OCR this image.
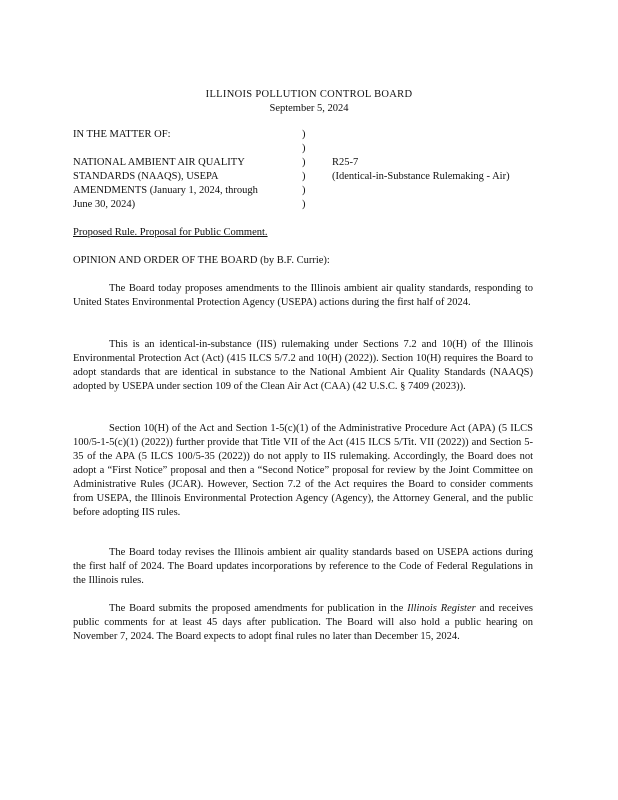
ILLINOIS POLLUTION CONTROL BOARD
September 5, 2024
IN THE MATTER OF:	)
)
)
)
)
)
NATIONAL AMBIENT AIR QUALITY
STANDARDS (NAAQS), USEPA
AMENDMENTS (January 1, 2024, through
June 30, 2024)
R25-7
(Identical-in-Substance Rulemaking - Air)
Proposed Rule. Proposal for Public Comment.
OPINION AND ORDER OF THE BOARD (by B.F. Currie):
The Board today proposes amendments to the Illinois ambient air quality standards, responding to United States Environmental Protection Agency (USEPA) actions during the first half of 2024.
This is an identical-in-substance (IIS) rulemaking under Sections 7.2 and 10(H) of the Illinois Environmental Protection Act (Act) (415 ILCS 5/7.2 and 10(H) (2022)). Section 10(H) requires the Board to adopt standards that are identical in substance to the National Ambient Air Quality Standards (NAAQS) adopted by USEPA under section 109 of the Clean Air Act (CAA) (42 U.S.C. § 7409 (2023)).
Section 10(H) of the Act and Section 1-5(c)(1) of the Administrative Procedure Act (APA) (5 ILCS 100/5-1-5(c)(1) (2022)) further provide that Title VII of the Act (415 ILCS 5/Tit. VII (2022)) and Section 5-35 of the APA (5 ILCS 100/5-35 (2022)) do not apply to IIS rulemaking. Accordingly, the Board does not adopt a “First Notice” proposal and then a “Second Notice” proposal for review by the Joint Committee on Administrative Rules (JCAR). However, Section 7.2 of the Act requires the Board to consider comments from USEPA, the Illinois Environmental Protection Agency (Agency), the Attorney General, and the public before adopting IIS rules.
The Board today revises the Illinois ambient air quality standards based on USEPA actions during the first half of 2024. The Board updates incorporations by reference to the Code of Federal Regulations in the Illinois rules.
The Board submits the proposed amendments for publication in the Illinois Register and receives public comments for at least 45 days after publication. The Board will also hold a public hearing on November 7, 2024. The Board expects to adopt final rules no later than December 15, 2024.
